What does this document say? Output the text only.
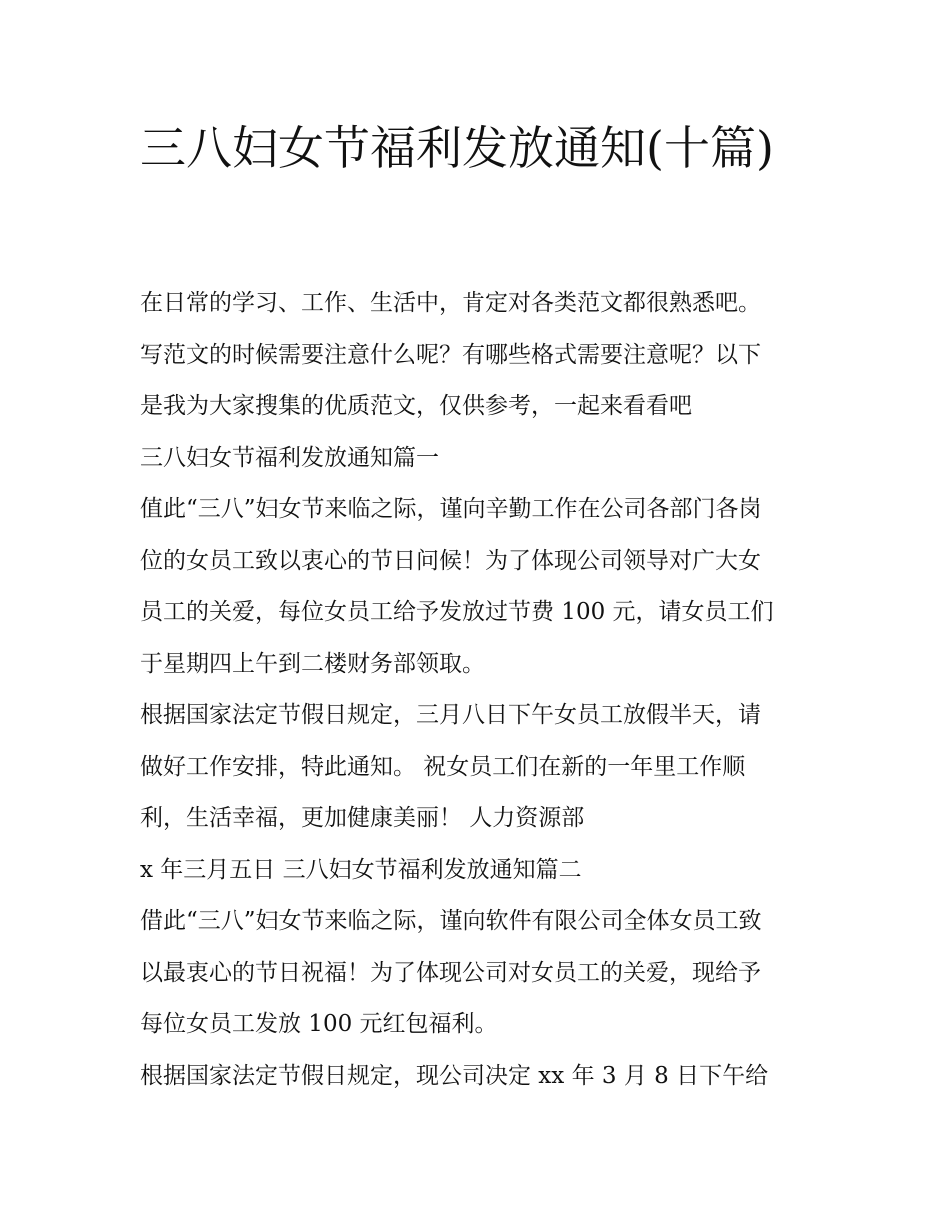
三八妇女节福利发放通知(十篇)
在日常的学习、工作、生活中，肯定对各类范文都很熟悉吧。
写范文的时候需要注意什么呢？有哪些格式需要注意呢？以下
是我为大家搜集的优质范文，仅供参考，一起来看看吧
三八妇女节福利发放通知篇一
值此“三八”妇女节来临之际，谨向辛勤工作在公司各部门各岗
位的女员工致以衷心的节日问候！为了体现公司领导对广大女
员工的关爱，每位女员工给予发放过节费 100 元，请女员工们
于星期四上午到二楼财务部领取。
根据国家法定节假日规定，三月八日下午女员工放假半天，请
做好工作安排，特此通知。 祝女员工们在新的一年里工作顺
利，生活幸福，更加健康美丽！ 人力资源部
x 年三月五日 三八妇女节福利发放通知篇二
借此“三八”妇女节来临之际，谨向软件有限公司全体女员工致
以最衷心的节日祝福！为了体现公司对女员工的关爱，现给予
每位女员工发放 100 元红包福利。
根据国家法定节假日规定，现公司决定 xx 年 3 月 8 日下午给
